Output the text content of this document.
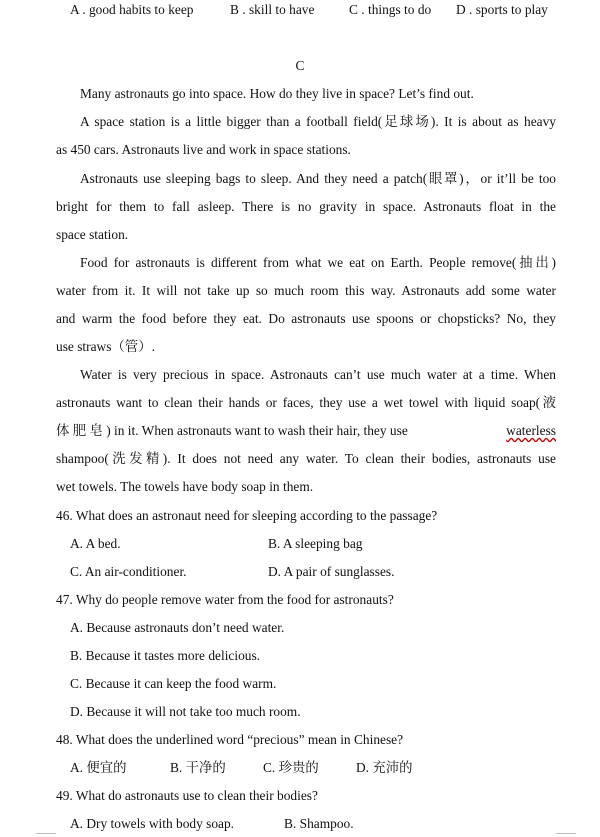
A . good habits to keep	B . skill to have	C . things to do D . sports to play
C
Many astronauts go into space. How do they live in space? Let’s find out.
A space station is a little bigger than a football field(足球场). It is about as heavy
as 450 cars. Astronauts live and work in space stations.
Astronauts use sleeping bags to sleep. And they need a patch(眼罩)，or it’ll be too
bright for them to fall asleep. There is no gravity in space. Astronauts float in the
space station.
Food for astronauts is different from what we eat on Earth. People remove(抽出)
water from it. It will not take up so much room this way. Astronauts add some water
and warm the food before they eat. Do astronauts use spoons or chopsticks? No, they
use straws（管）.
Water is very precious in space. Astronauts can’t use much water at a time. When
astronauts want to clean their hands or faces, they use a wet towel with liquid soap(液
体 肥 皂 ) in it. When astronauts want to wash their hair, they use	waterless
shampoo(洗发精). It does not need any water. To clean their bodies, astronauts use
wet towels. The towels have body soap in them.
46. What does an astronaut need for sleeping according to the passage?
A. A bed.	B. A sleeping bag
C. An air-conditioner.	D. A pair of sunglasses.
47. Why do people remove water from the food for astronauts?
A. Because astronauts don’t need water.
B. Because it tastes more delicious.
C. Because it can keep the food warm.
D. Because it will not take too much room.
48. What does the underlined word “precious” mean in Chinese?
A. 便宜的	B. 干净的	C. 珍贵的	D. 充沛的
49. What do astronauts use to clean their bodies?
A. Dry towels with body soap.	B. Shampoo.
